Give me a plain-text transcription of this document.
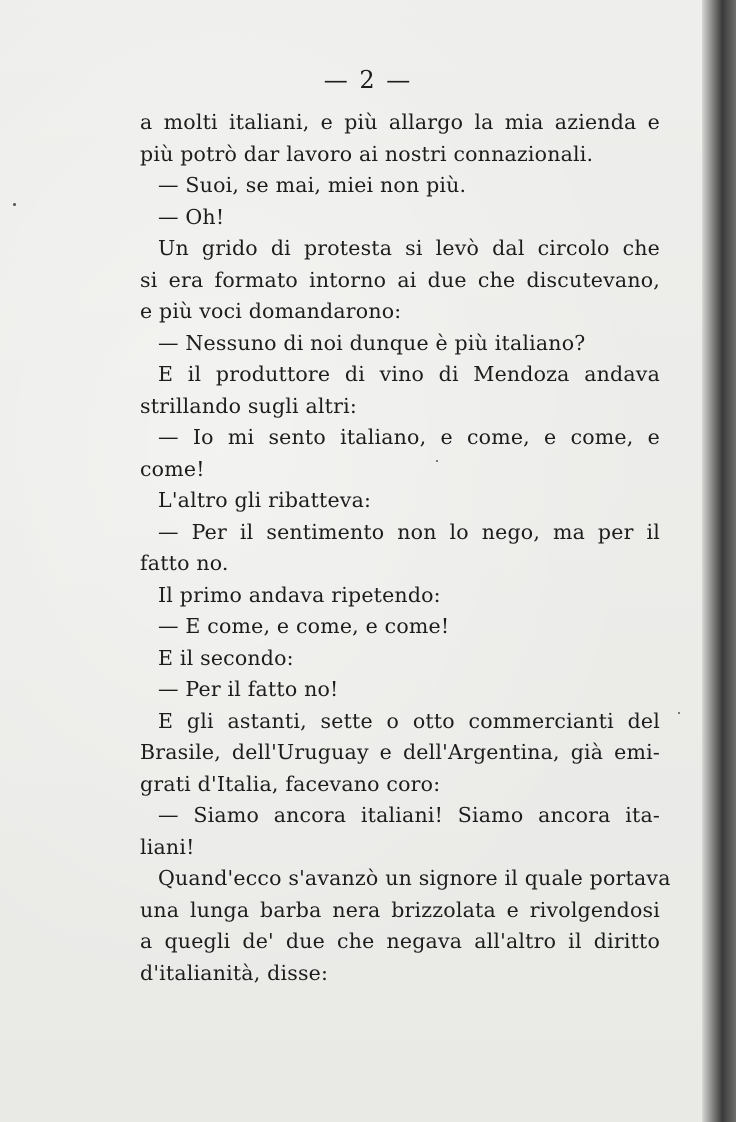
— 2 —
a molti italiani, e più allargo la mia azienda e
più potrò dar lavoro ai nostri connazionali.
— Suoi, se mai, miei non più.
— Oh!
Un grido di protesta si levò dal circolo che
si era formato intorno ai due che discutevano,
e più voci domandarono:
— Nessuno di noi dunque è più italiano?
E il produttore di vino di Mendoza andava
strillando sugli altri:
— Io mi sento italiano, e come, e come, e
come!
L'altro gli ribatteva:
— Per il sentimento non lo nego, ma per il
fatto no.
Il primo andava ripetendo:
— E come, e come, e come!
E il secondo:
— Per il fatto no!
E gli astanti, sette o otto commercianti del
Brasile, dell'Uruguay e dell'Argentina, già emi-
grati d'Italia, facevano coro:
— Siamo ancora italiani! Siamo ancora ita-
liani!
Quand'ecco s'avanzò un signore il quale portava
una lunga barba nera brizzolata e rivolgendosi
a quegli de' due che negava all'altro il diritto
d'italianità, disse:
